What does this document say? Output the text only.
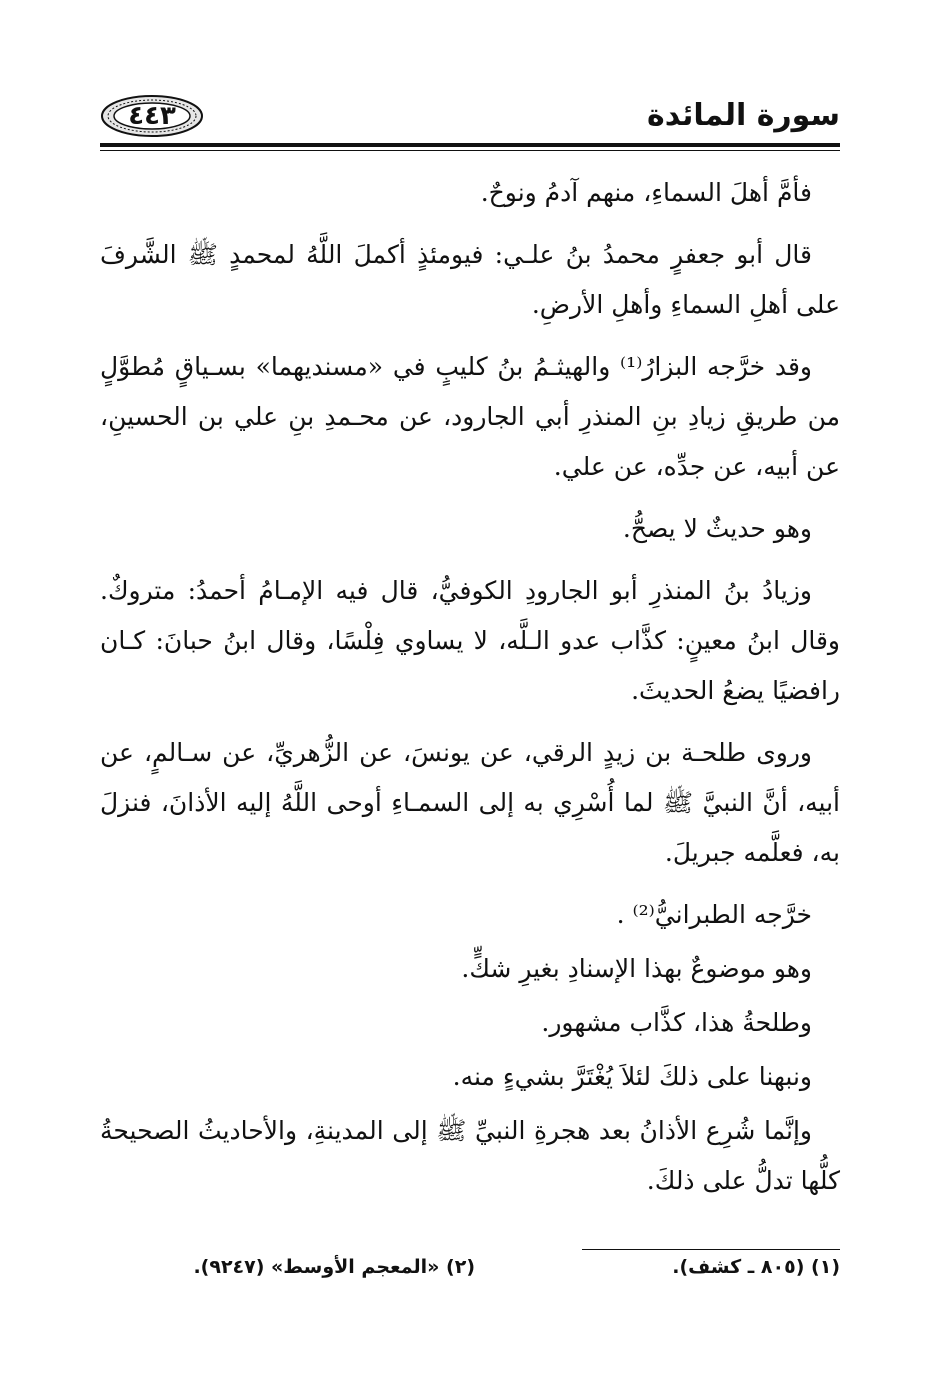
سورة المائدة
٤٤٣

فأمَّ أهلَ السماءِ، منهم آدمُ ونوحٌ.

قال أبو جعفرٍ محمدُ بنُ علـي: فيومئذٍ أكملَ اللَّهُ لمحمدٍ ﷺ الشَّرفَ على أهلِ السماءِ وأهلِ الأرضِ.

وقد خرَّجه البزارُ⁽¹⁾ والهيثـمُ بنُ كليبٍ في «مسنديهما» بسـياقٍ مُطوَّلٍ من طريقِ زيادِ بنِ المنذرِ أبي الجارود، عن محـمدِ بنِ علي بن الحسينِ، عن أبيه، عن جدِّه، عن علي.

وهو حديثٌ لا يصحُّ.

وزيادُ بنُ المنذرِ أبو الجارودِ الكوفيُّ، قال فيه الإمـامُ أحمدُ: متروكٌ. وقال ابنُ معينٍ: كذَّاب عدو الـلَّه، لا يساوي فِلْسًا، وقال ابنُ حبانَ: كـان رافضيًا يضعُ الحديثَ.

وروى طلحـة بن زيدٍ الرقي، عن يونسَ، عن الزُّهريِّ، عن سـالمٍ، عن أبيه، أنَّ النبيَّ ﷺ لما أُسْرِي به إلى السمـاءِ أوحى اللَّهُ إليه الأذانَ، فنزلَ به، فعلَّمه جبريلَ.

خرَّجه الطبرانيُّ⁽²⁾ .

وهو موضوعٌ بهذا الإسنادِ بغيرِ شكٍّ.

وطلحةُ هذا، كذَّاب مشهور.

ونبهنا على ذلكَ لئلاَ يُغْتَرَّ بشيءٍ منه.

وإنَّما شُرِع الأذانُ بعد هجرةِ النبيِّ ﷺ إلى المدينةِ، والأحاديثُ الصحيحةُ كلُّها تدلُّ على ذلكَ.

(١) (٨٠٥ ـ كشف).
(٢) «المعجم الأوسط» (٩٢٤٧).
